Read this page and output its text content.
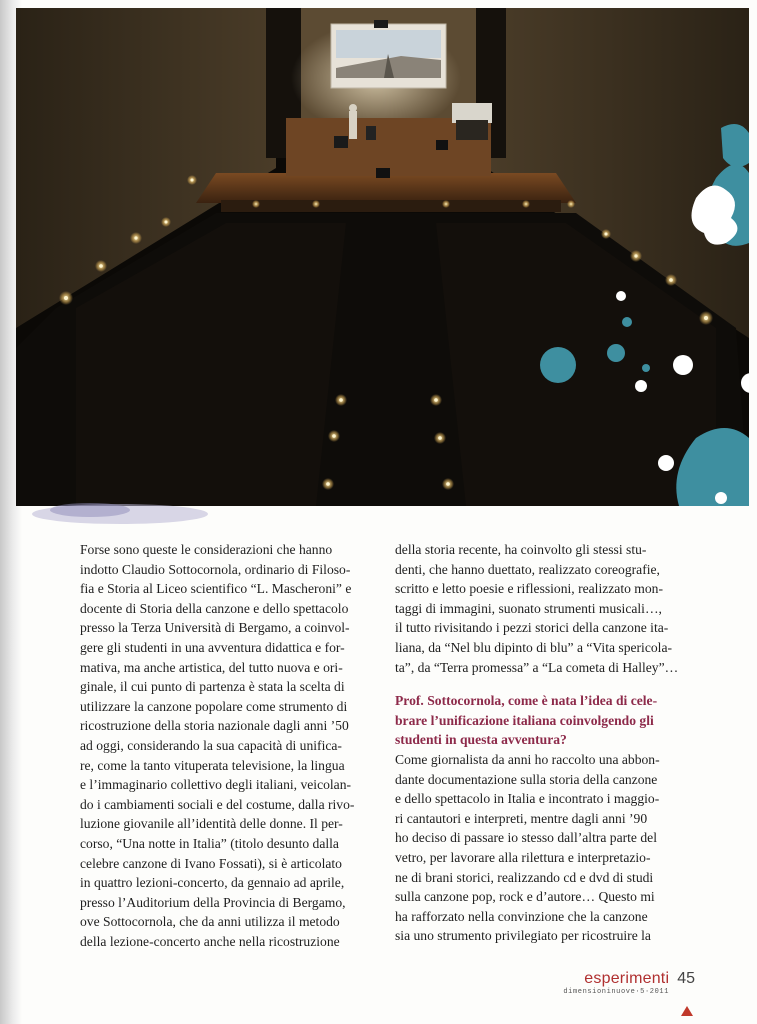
Forse sono queste le considerazioni che hanno
indotto Claudio Sottocornola, ordinario di Filoso-
fia e Storia al Liceo scientifico “L. Mascheroni” e
docente di Storia della canzone e dello spettacolo
presso la Terza Università di Bergamo, a coinvol-
gere gli studenti in una avventura didattica e for-
mativa, ma anche artistica, del tutto nuova e ori-
ginale, il cui punto di partenza è stata la scelta di
utilizzare la canzone popolare come strumento di
ricostruzione della storia nazionale dagli anni ’50
ad oggi, considerando la sua capacità di unifica-
re, come la tanto vituperata televisione, la lingua
e l’immaginario collettivo degli italiani, veicolan-
do i cambiamenti sociali e del costume, dalla rivo-
luzione giovanile all’identità delle donne. Il per-
corso, “Una notte in Italia” (titolo desunto dalla
celebre canzone di Ivano Fossati), si è articolato
in quattro lezioni-concerto, da gennaio ad aprile,
presso l’Auditorium della Provincia di Bergamo,
ove Sottocornola, che da anni utilizza il metodo
della lezione-concerto anche nella ricostruzione

della storia recente, ha coinvolto gli stessi stu-
denti, che hanno duettato, realizzato coreografie,
scritto e letto poesie e riflessioni, realizzato mon-
taggi di immagini, suonato strumenti musicali…,
il tutto rivisitando i pezzi storici della canzone ita-
liana, da “Nel blu dipinto di blu” a “Vita spericola-
ta”, da “Terra promessa” a “La cometa di Halley”…

Prof. Sottocornola, come è nata l’idea di cele-
brare l’unificazione italiana coinvolgendo gli
studenti in questa avventura?

Come giornalista da anni ho raccolto una abbon-
dante documentazione sulla storia della canzone
e dello spettacolo in Italia e incontrato i maggio-
ri cantautori e interpreti, mentre dagli anni ’90
ho deciso di passare io stesso dall’altra parte del
vetro, per lavorare alla rilettura e interpretazio-
ne di brani storici, realizzando cd e dvd di studi
sulla canzone pop, rock e d’autore… Questo mi
ha rafforzato nella convinzione che la canzone
sia uno strumento privilegiato per ricostruire la

esperimenti 45
dimensioninuove·5·2011
